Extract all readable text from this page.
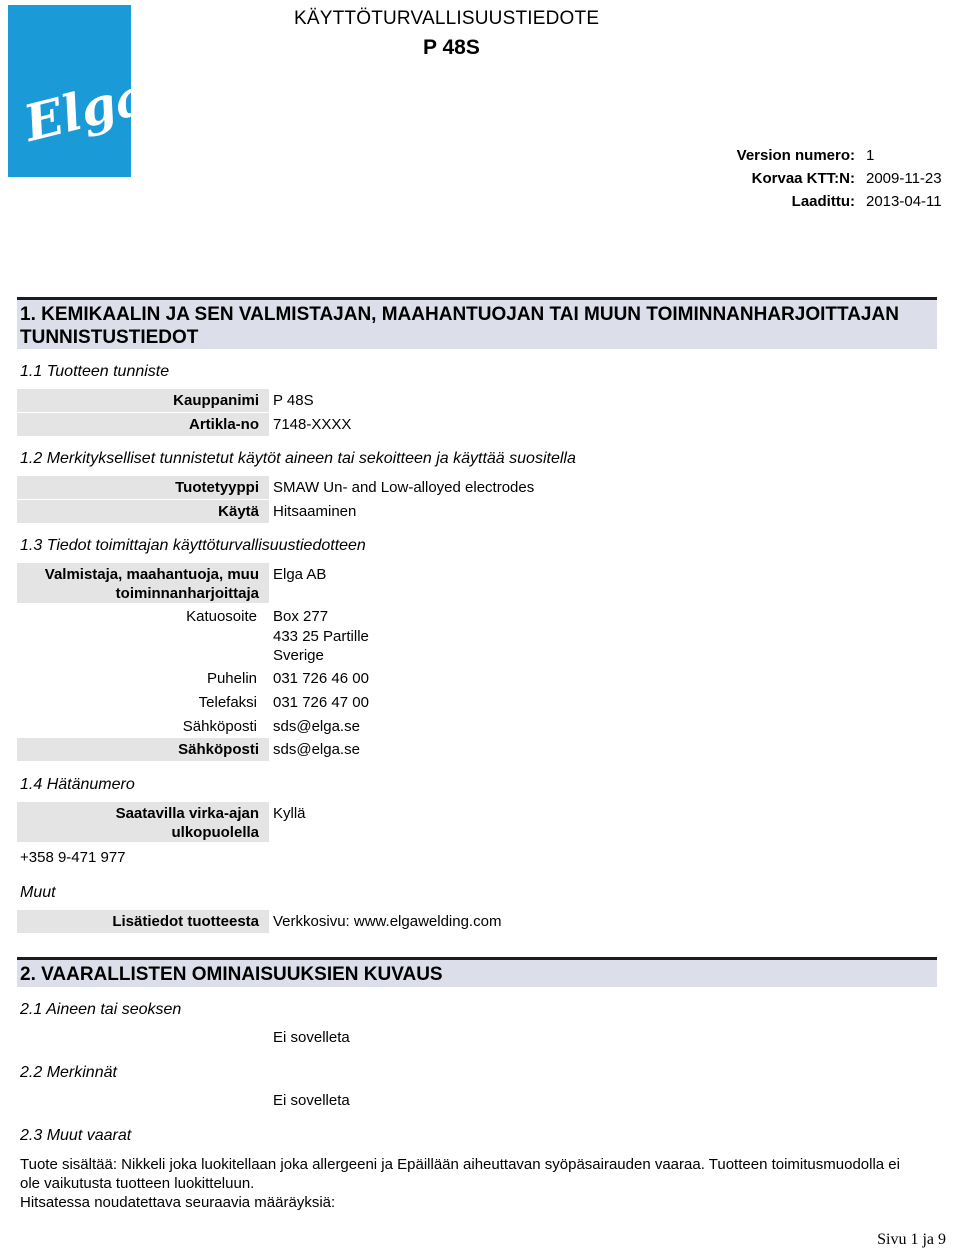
Elga
KÄYTTÖTURVALLISUUSTIEDOTE
P 48S
Version numero: 1
Korvaa KTT:N: 2009-11-23
Laadittu: 2013-04-11
1. KEMIKAALIN JA SEN VALMISTAJAN, MAAHANTUOJAN TAI MUUN TOIMINNANHARJOITTAJAN
TUNNISTUSTIEDOT
1.1 Tuotteen tunniste
Kauppanimi P 48S
Artikla-no 7148-XXXX
1.2 Merkitykselliset tunnistetut käytöt aineen tai sekoitteen ja käyttää suositella
Tuotetyyppi SMAW Un- and Low-alloyed electrodes
Käytä Hitsaaminen
1.3 Tiedot toimittajan käyttöturvallisuustiedotteen
Valmistaja, maahantuoja, muu
toiminnanharjoittaja
Elga AB
Katuosoite Box 277
433 25 Partille
Sverige
Puhelin 031 726 46 00
Telefaksi 031 726 47 00
Sähköposti sds@elga.se
Sähköposti sds@elga.se
1.4 Hätänumero
Saatavilla virka-ajan
ulkopuolella
Kyllä
+358 9-471 977
Muut
Lisätiedot tuotteesta Verkkosivu: www.elgawelding.com
2. VAARALLISTEN OMINAISUUKSIEN KUVAUS
2.1 Aineen tai seoksen
Ei sovelleta
2.2 Merkinnät
Ei sovelleta
2.3 Muut vaarat
Tuote sisältää: Nikkeli joka luokitellaan joka allergeeni ja Epäillään aiheuttavan syöpäsairauden vaaraa. Tuotteen toimitusmuodolla ei
ole vaikutusta tuotteen luokitteluun.
Hitsatessa noudatettava seuraavia määräyksiä:
Sivu 1 ja 9
